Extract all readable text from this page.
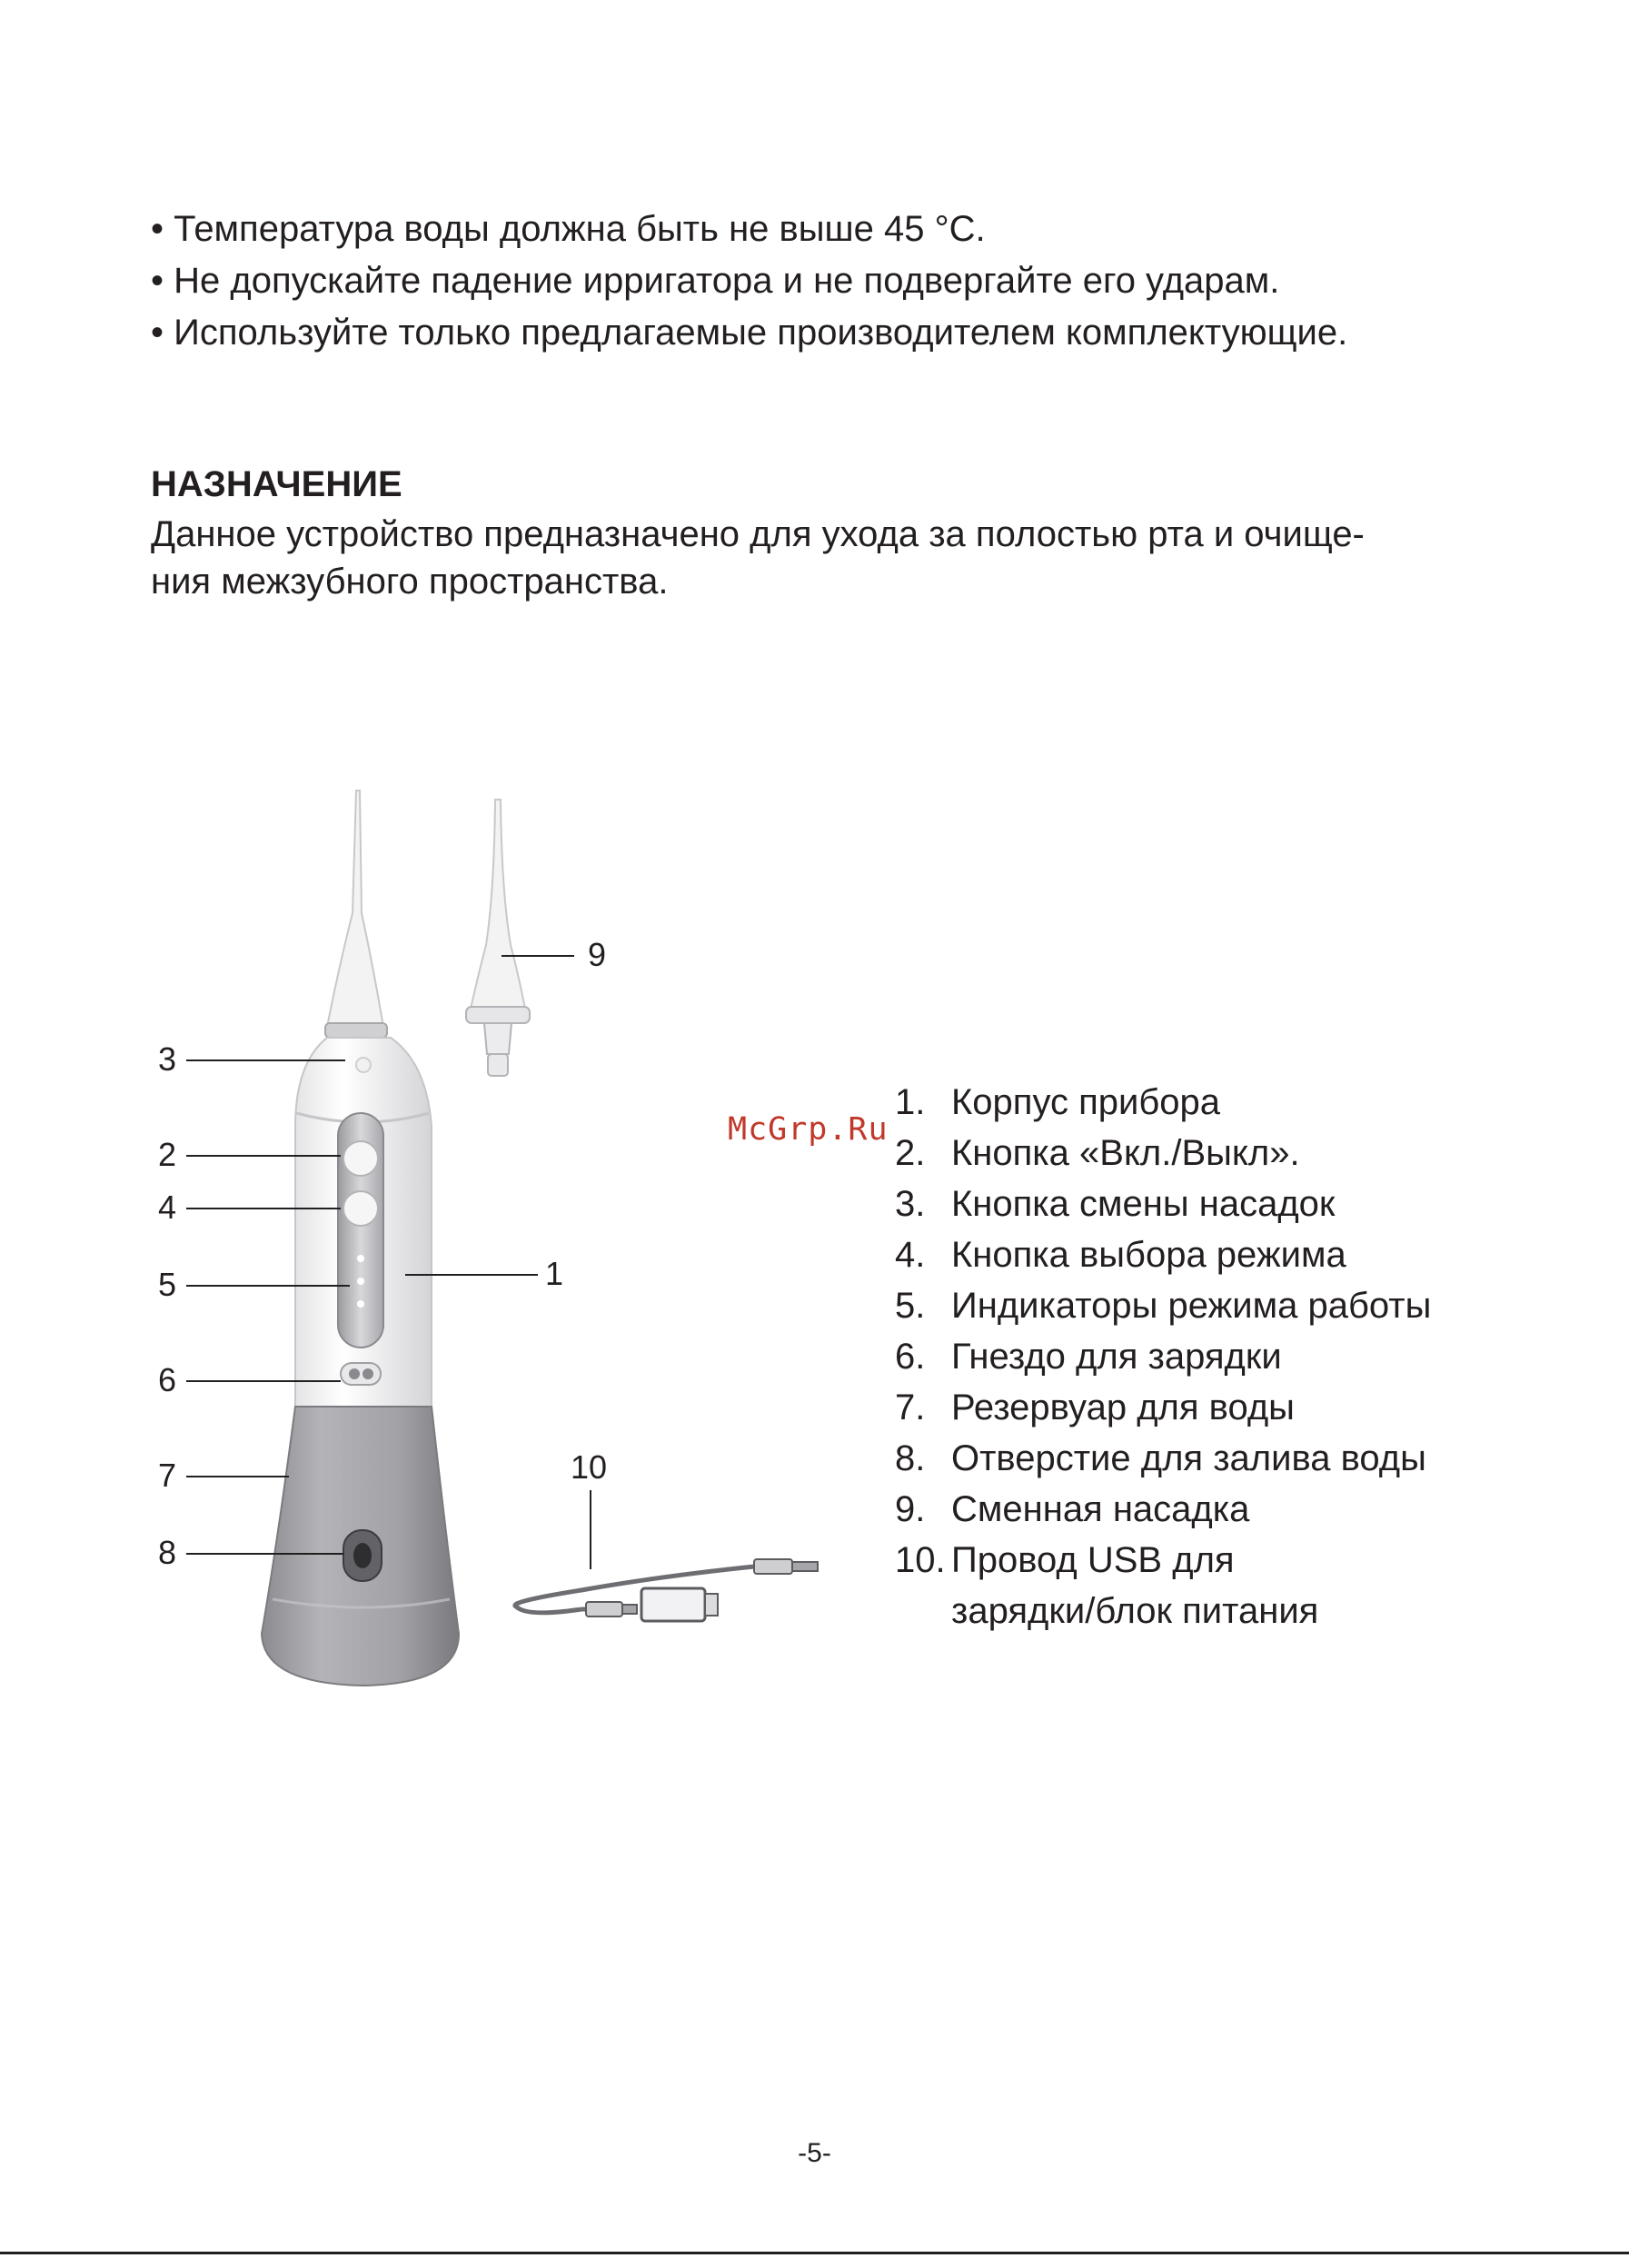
• Температура воды должна быть не выше 45 °С.
• Не допускайте падение ирригатора и не подвергайте его ударам.
• Используйте только предлагаемые производителем комплектующие.
НАЗНАЧЕНИЕ

Данное устройство предназначено для ухода за полостью рта и очище-
ния межзубного пространства.

3
2
4
5
6
7
8
1
9
10
1. Корпус прибора
2. Кнопка «Вкл./Выкл».
3. Кнопка смены насадок
4. Кнопка выбора режима
5. Индикаторы режима работы
6. Гнездо для зарядки
7. Резервуар для воды
8. Отверстие для залива воды
9. Сменная насадка
10. Провод USB для
зарядки/блок питания
McGrp.Ru
-5-
